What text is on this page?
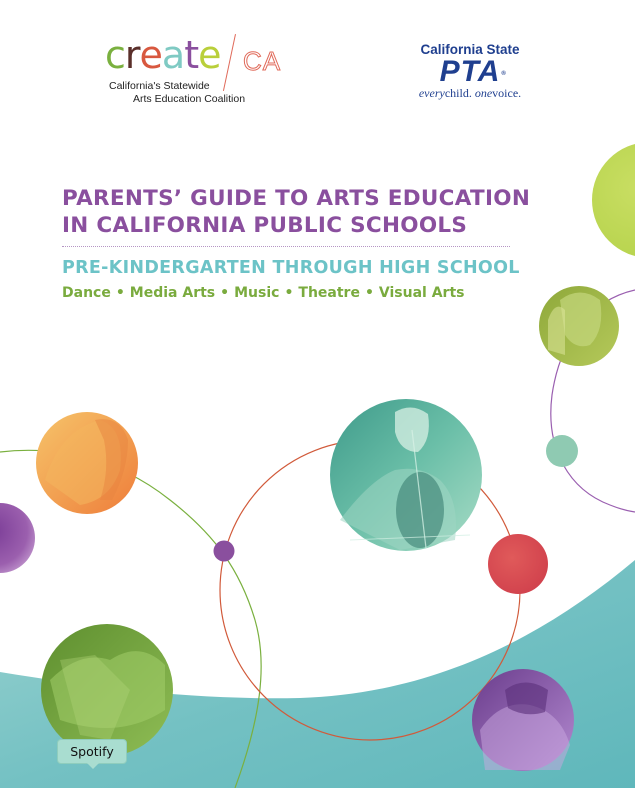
create CA
California's Statewide
Arts Education Coalition
California State
PTA ®
everychild. onevoice.
PARENTS’ GUIDE TO ARTS EDUCATION
IN CALIFORNIA PUBLIC SCHOOLS
PRE-KINDERGARTEN THROUGH HIGH SCHOOL
Dance • Media Arts • Music • Theatre • Visual Arts
Spotify
